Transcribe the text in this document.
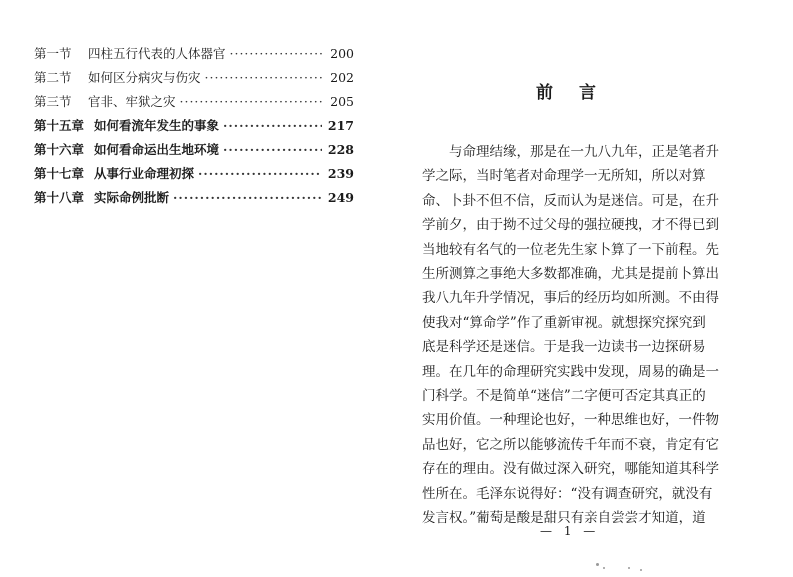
第一节	四柱五行代表的人体器官 ·····	200
第二节	如何区分病灾与伤灾 ·····	202
第三节	官非、牢狱之灾 ·····	205
第十五章 如何看流年发生的事象 ·····	217
第十六章 如何看命运出生地环境 ·····	228
第十七章 从事行业命理初探 ·····	239
第十八章 实际命例批断 ·····	249
前言

与命理结缘，那是在一九八九年，正是笔者升

学之际，当时笔者对命理学一无所知，所以对算

命、卜卦不但不信，反而认为是迷信。可是，在升

学前夕，由于拗不过父母的强拉硬拽，才不得已到

当地较有名气的一位老先生家卜算了一下前程。先

生所测算之事绝大多数都准确，尤其是提前卜算出

我八九年升学情况，事后的经历均如所测。不由得

使我对“算命学”作了重新审视。就想探究探究到

底是科学还是迷信。于是我一边读书一边探研易

理。在几年的命理研究实践中发现，周易的确是一

门科学。不是简单“迷信”二字便可否定其真正的

实用价值。一种理论也好，一种思维也好，一件物

品也好，它之所以能够流传千年而不衰，肯定有它

存在的理由。没有做过深入研究，哪能知道其科学

性所在。毛泽东说得好：“没有调查研究，就没有

发言权。”葡萄是酸是甜只有亲自尝尝才知道，道

— 1 —
